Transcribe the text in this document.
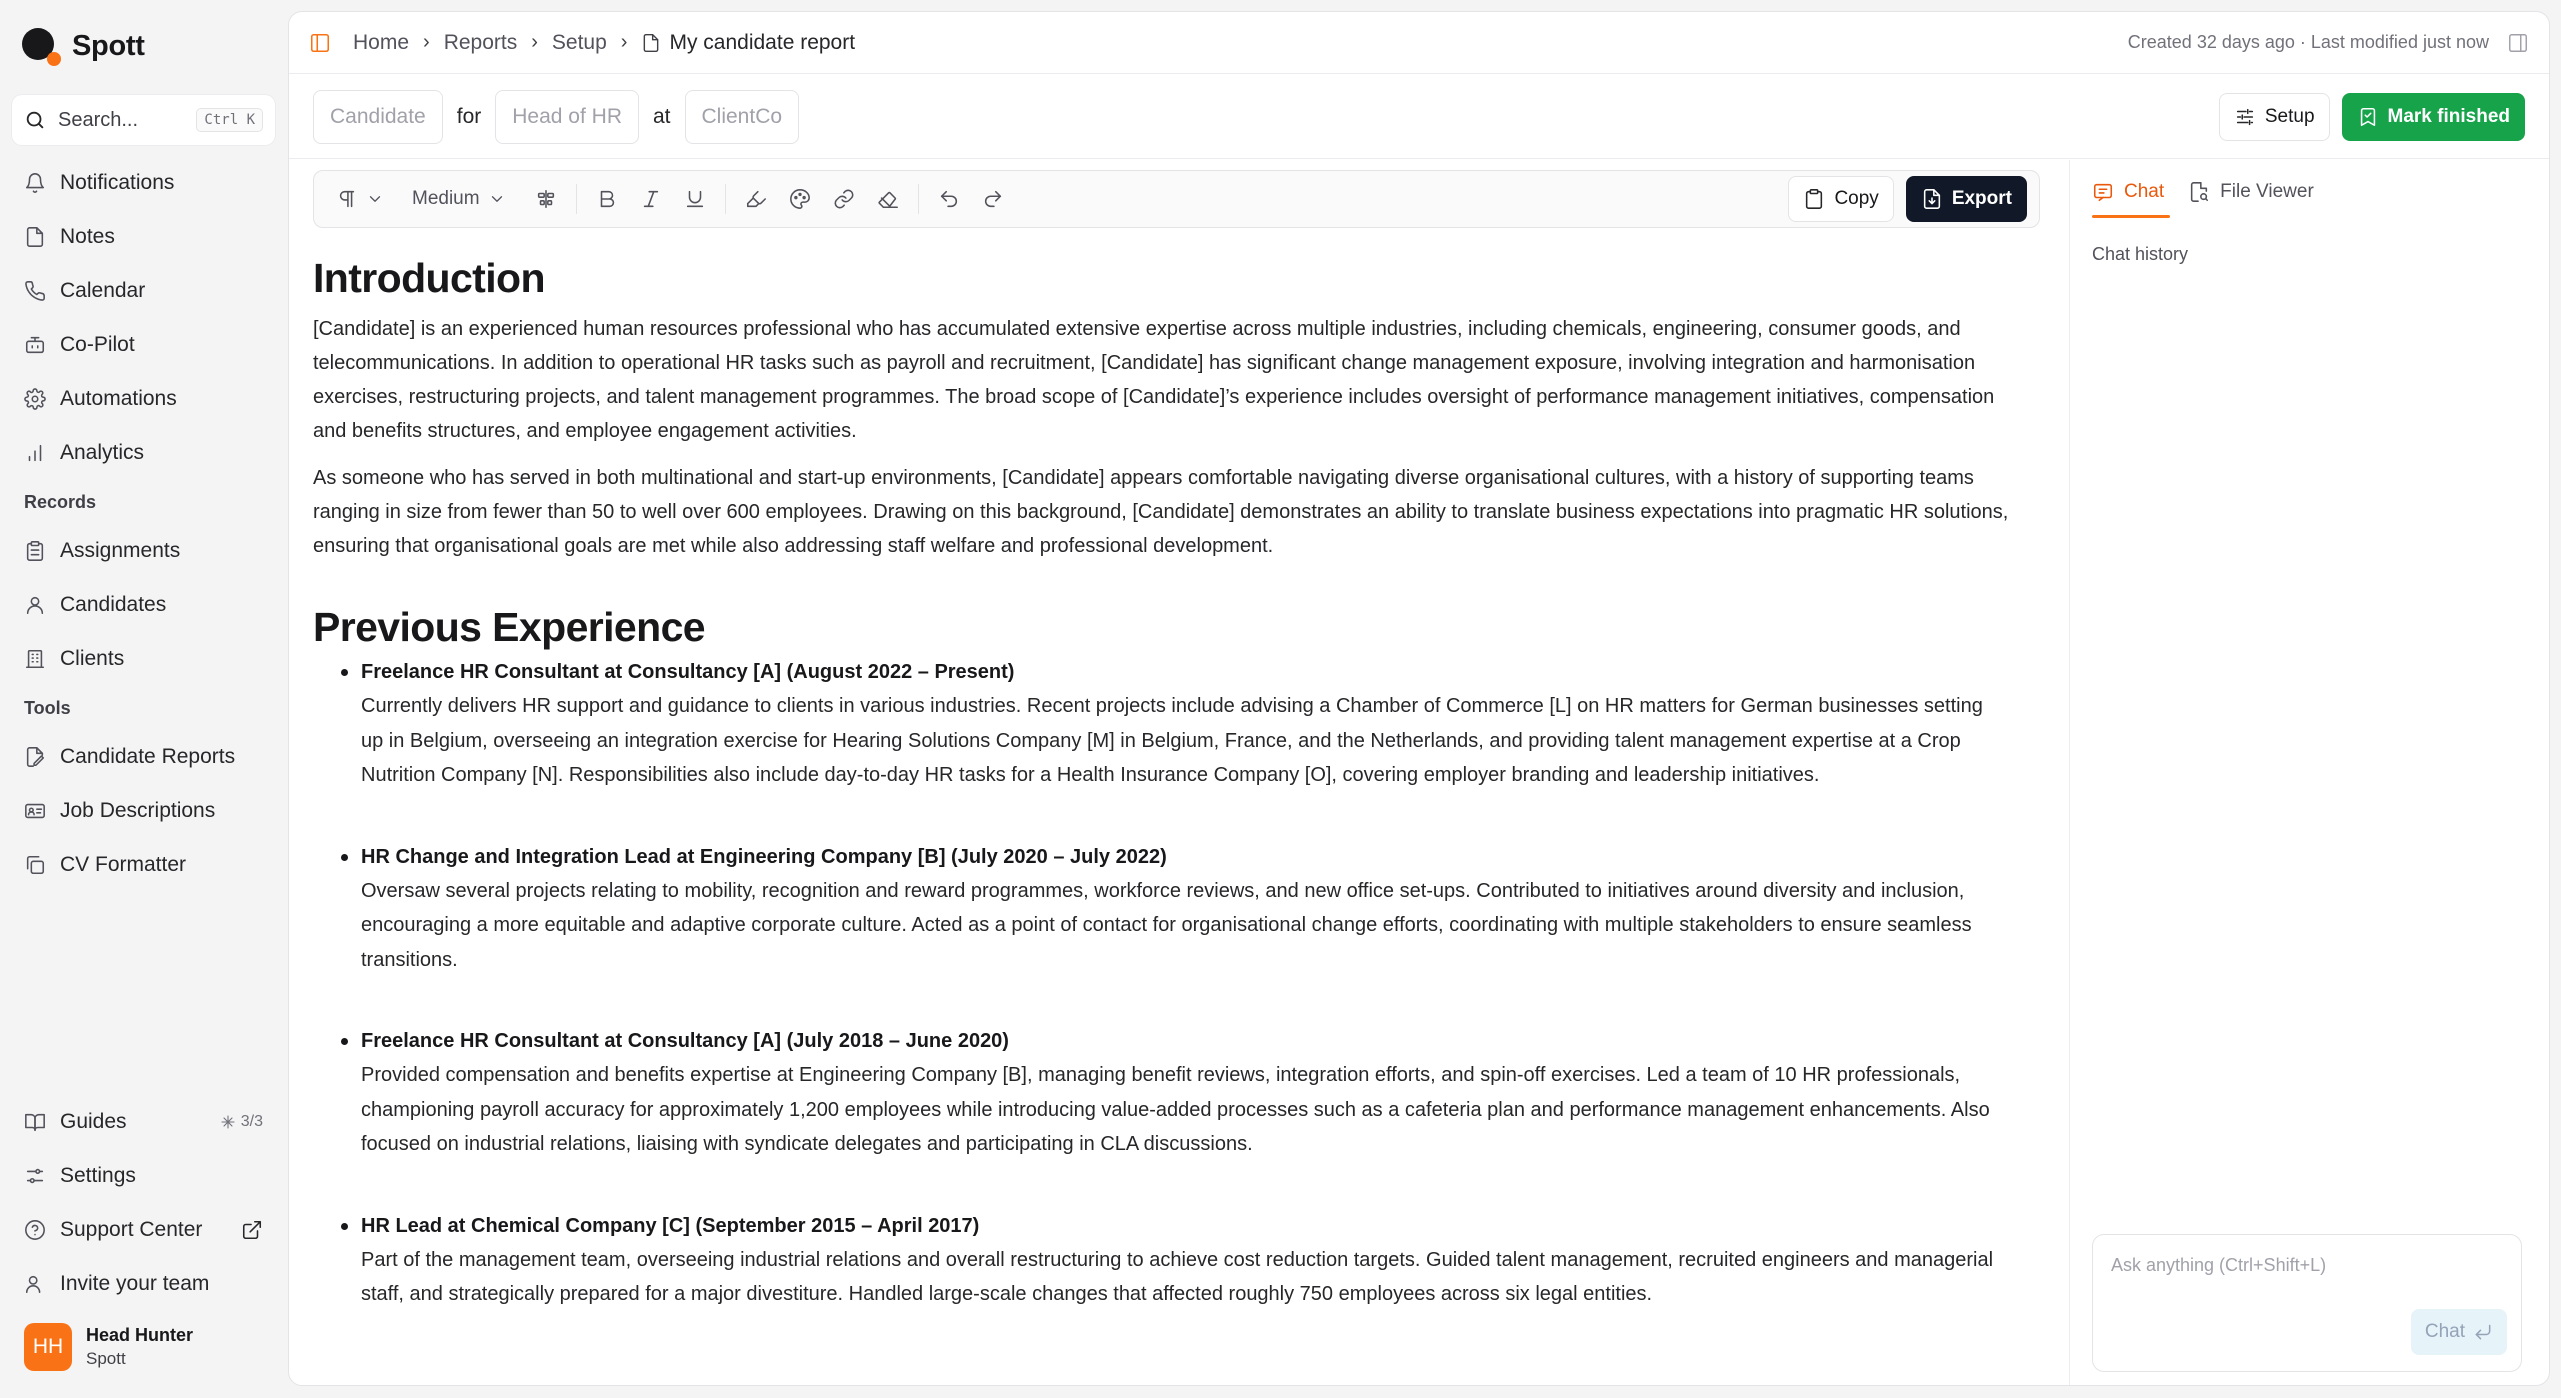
Spott
Search...	Ctrl K
Notifications
Notes
Calendar
Co-Pilot
Automations
Analytics
Records
Assignments
Candidates
Clients
Tools
Candidate Reports
Job Descriptions
CV Formatter
Guides	3/3
Settings
Support Center
Invite your team
HH	Head Hunter
Spott
Home › Reports › Setup › My candidate report	Created 32 days ago · Last modified just now
Candidate	for	Head of HR	at	ClientCo	Setup	Mark finished
Medium	Copy	Export
Introduction

[Candidate] is an experienced human resources professional who has accumulated extensive expertise across multiple industries, including chemicals, engineering, consumer goods, and telecommunications. In addition to operational HR tasks such as payroll and recruitment, [Candidate] has significant change management exposure, involving integration and harmonisation exercises, restructuring projects, and talent management programmes. The broad scope of [Candidate]’s experience includes oversight of performance management initiatives, compensation and benefits structures, and employee engagement activities.

As someone who has served in both multinational and start-up environments, [Candidate] appears comfortable navigating diverse organisational cultures, with a history of supporting teams ranging in size from fewer than 50 to well over 600 employees. Drawing on this background, [Candidate] demonstrates an ability to translate business expectations into pragmatic HR solutions, ensuring that organisational goals are met while also addressing staff welfare and professional development.

Previous Experience
Freelance HR Consultant at Consultancy [A] (August 2022 – Present)
Currently delivers HR support and guidance to clients in various industries. Recent projects include advising a Chamber of Commerce [L] on HR matters for German businesses setting up in Belgium, overseeing an integration exercise for Hearing Solutions Company [M] in Belgium, France, and the Netherlands, and providing talent management expertise at a Crop Nutrition Company [N]. Responsibilities also include day-to-day HR tasks for a Health Insurance Company [O], covering employer branding and leadership initiatives.
HR Change and Integration Lead at Engineering Company [B] (July 2020 – July 2022)
Oversaw several projects relating to mobility, recognition and reward programmes, workforce reviews, and new office set-ups. Contributed to initiatives around diversity and inclusion, encouraging a more equitable and adaptive corporate culture. Acted as a point of contact for organisational change efforts, coordinating with multiple stakeholders to ensure seamless transitions.
Freelance HR Consultant at Consultancy [A] (July 2018 – June 2020)
Provided compensation and benefits expertise at Engineering Company [B], managing benefit reviews, integration efforts, and spin-off exercises. Led a team of 10 HR professionals, championing payroll accuracy for approximately 1,200 employees while introducing value-added processes such as a cafeteria plan and performance management enhancements. Also focused on industrial relations, liaising with syndicate delegates and participating in CLA discussions.
HR Lead at Chemical Company [C] (September 2015 – April 2017)
Part of the management team, overseeing industrial relations and overall restructuring to achieve cost reduction targets. Guided talent management, recruited engineers and managerial staff, and strategically prepared for a major divestiture. Handled large-scale changes that affected roughly 750 employees across six legal entities.
Chat	File Viewer
Chat history
Ask anything (Ctrl+Shift+L)
Chat
